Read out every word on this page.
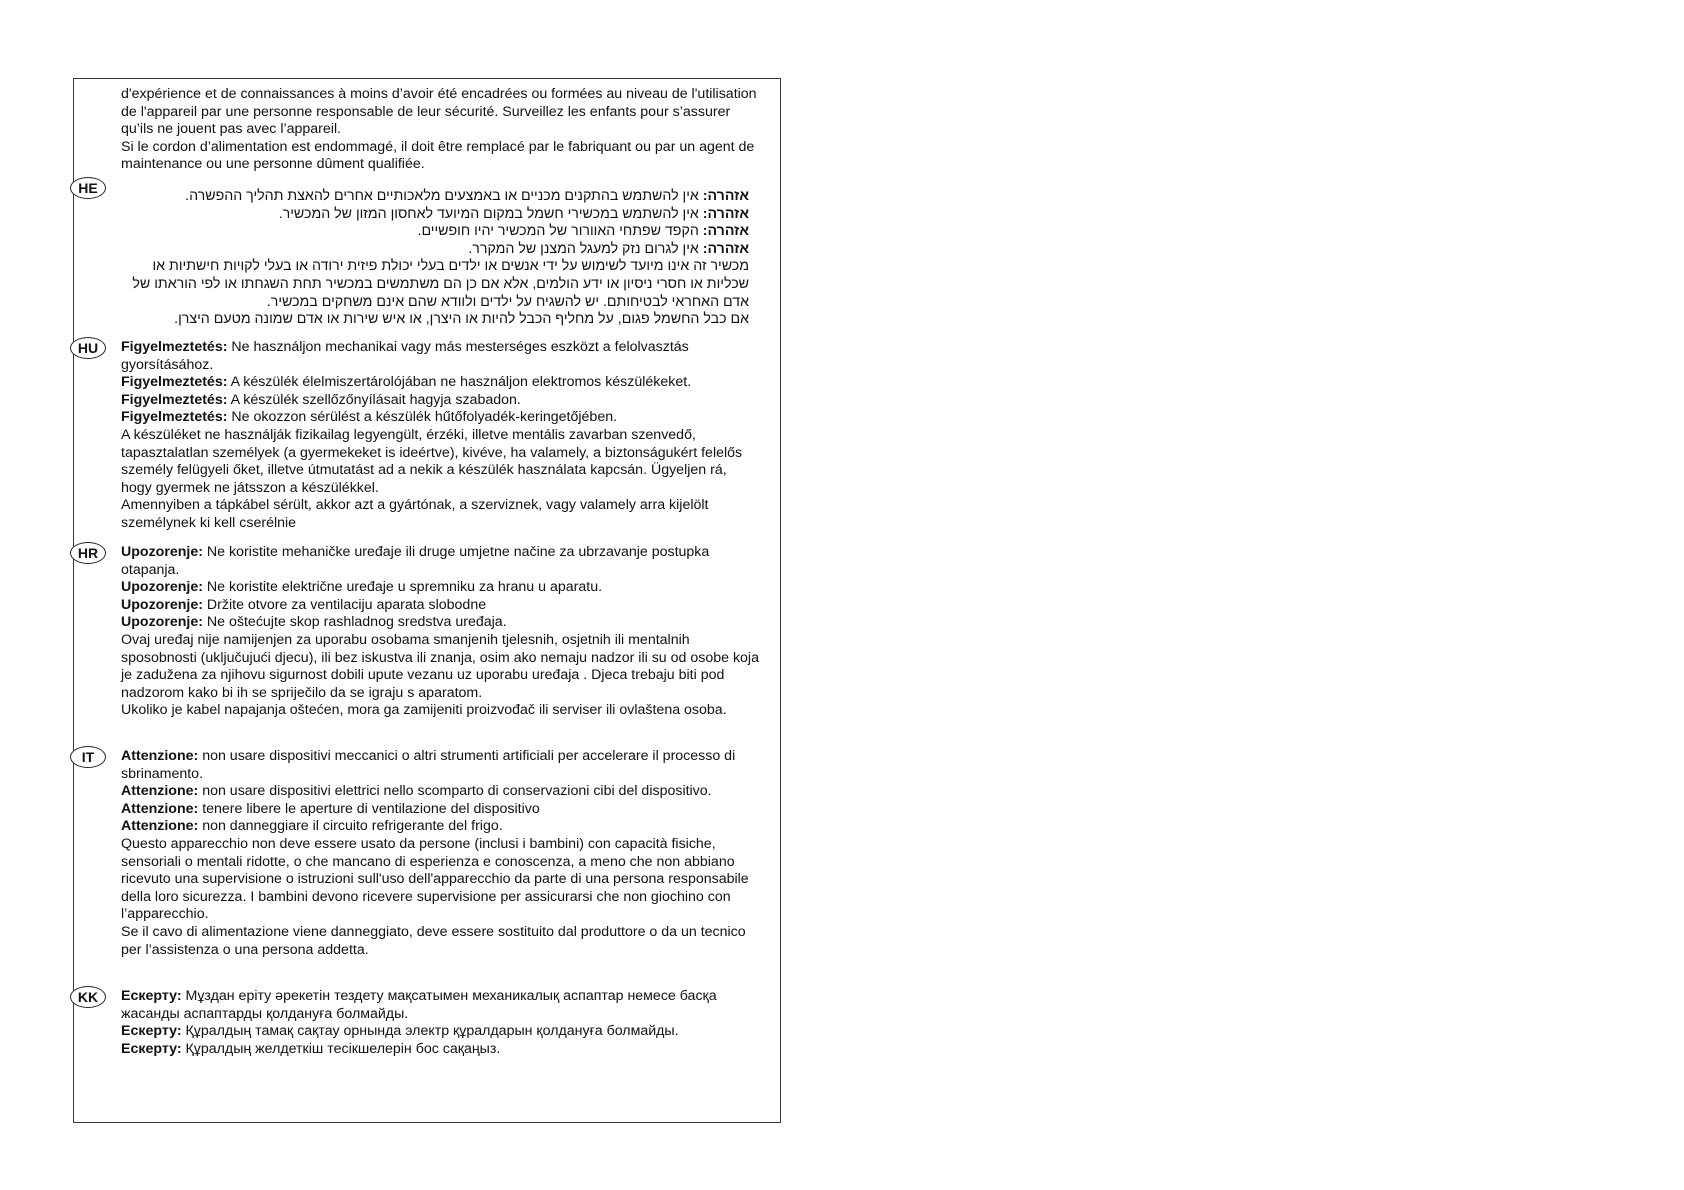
d'expérience et de connaissances à moins d’avoir été encadrées ou formées au niveau de l'utilisation de l'appareil par une personne responsable de leur sécurité. Surveillez les enfants pour s’assurer qu’ils ne jouent pas avec l’appareil.

Si le cordon d’alimentation est endommagé, il doit être remplacé par le fabriquant ou par un agent de maintenance ou une personne dûment qualifiée.

HE	אזהרה: אין להשתמש בהתקנים מכניים או באמצעים מלאכותיים אחרים להאצת תהליך ההפשרה.

אזהרה: אין להשתמש במכשירי חשמל במקום המיועד לאחסון המזון של המכשיר.

אזהרה: הקפד שפתחי האוורור של המכשיר יהיו חופשיים.

אזהרה: אין לגרום נזק למעגל המצנן של המקרר.

מכשיר זה אינו מיועד לשימוש על ידי אנשים או ילדים בעלי יכולת פיזית ירודה או בעלי לקויות חישתיות או שכליות או חסרי ניסיון או ידע הולמים, אלא אם כן הם משתמשים במכשיר תחת השגחתו או לפי הוראתו של אדם האחראי לבטיחותם. יש להשגיח על ילדים ולוודא שהם אינם משחקים במכשיר.

אם כבל החשמל פגום, על מחליף הכבל להיות או היצרן, או איש שירות או אדם שמונה מטעם היצרן.

HU	Figyelmeztetés: Ne használjon mechanikai vagy más mesterséges eszközt a felolvasztás gyorsításához.

Figyelmeztetés: A készülék élelmiszertárolójában ne használjon elektromos készülékeket.

Figyelmeztetés: A készülék szellőzőnyílásait hagyja szabadon.

Figyelmeztetés: Ne okozzon sérülést a készülék hűtőfolyadék-keringetőjében.

A készüléket ne használják fizikailag legyengült, érzéki, illetve mentális zavarban szenvedő, tapasztalatlan személyek (a gyermekeket is ideértve), kivéve, ha valamely, a biztonságukért felelős személy felügyeli őket, illetve útmutatást ad a nekik a készülék használata kapcsán. Ügyeljen rá, hogy gyermek ne játsszon a készülékkel.

Amennyiben a tápkábel sérült, akkor azt a gyártónak, a szerviznek, vagy valamely arra kijelölt személynek ki kell cserélnie

HR	Upozorenje: Ne koristite mehaničke uređaje ili druge umjetne načine za ubrzavanje postupka otapanja.

Upozorenje: Ne koristite električne uređaje u spremniku za hranu u aparatu.

Upozorenje: Držite otvore za ventilaciju aparata slobodne

Upozorenje: Ne oštećujte skop rashladnog sredstva uređaja.

Ovaj uređaj nije namijenjen za uporabu osobama smanjenih tjelesnih, osjetnih ili mentalnih sposobnosti (uključujući djecu), ili bez iskustva ili znanja, osim ako nemaju nadzor ili su od osobe koja je zadužena za njihovu sigurnost dobili upute vezanu uz uporabu uređaja . Djeca trebaju biti pod nadzorom kako bi ih se spriječilo da se igraju s aparatom.

Ukoliko je kabel napajanja oštećen, mora ga zamijeniti proizvođač ili serviser ili ovlaštena osoba.

IT	Attenzione: non usare dispositivi meccanici o altri strumenti artificiali per accelerare il processo di sbrinamento.

Attenzione: non usare dispositivi elettrici nello scomparto di conservazioni cibi del dispositivo.

Attenzione: tenere libere le aperture di ventilazione del dispositivo

Attenzione: non danneggiare il circuito refrigerante del frigo.

Questo apparecchio non deve essere usato da persone (inclusi i bambini) con capacità fisiche, sensoriali o mentali ridotte, o che mancano di esperienza e conoscenza, a meno che non abbiano ricevuto una supervisione o istruzioni sull'uso dell'apparecchio da parte di una persona responsabile della loro sicurezza. I bambini devono ricevere supervisione per assicurarsi che non giochino con l’apparecchio.

Se il cavo di alimentazione viene danneggiato, deve essere sostituito dal produttore o da un tecnico per l’assistenza o una persona addetta.

KK	Ескерту: Мұздан еріту әрекетін тездету мақсатымен механикалық аспаптар немесе басқа жасанды аспаптарды қолдануға болмайды.

Ескерту: Құралдың тамақ сақтау орнында электр құралдарын қолдануға болмайды.

Ескерту: Құралдың желдеткіш тесікшелерін бос сақаңыз.
